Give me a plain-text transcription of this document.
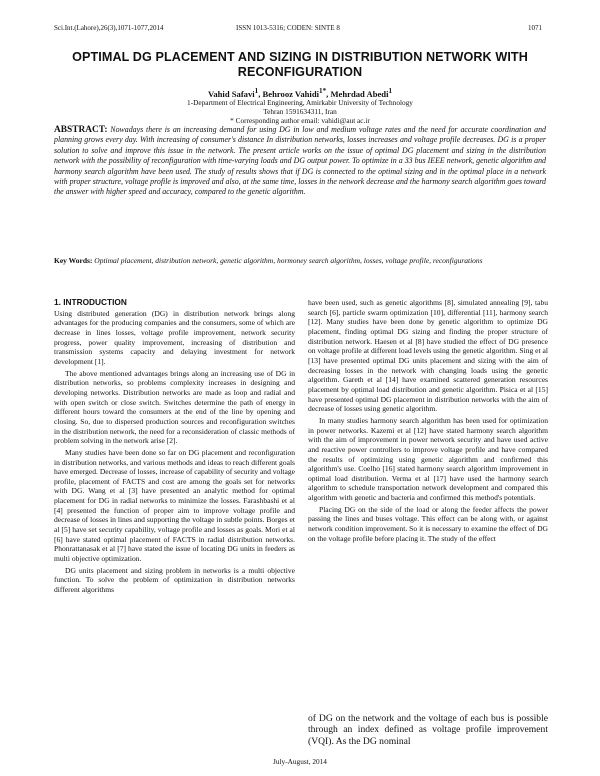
Sci.Int.(Lahore),26(3),1071-1077,2014	ISSN 1013-5316; CODEN: SINTE 8	1071
OPTIMAL DG PLACEMENT AND SIZING IN DISTRIBUTION NETWORK WITH
RECONFIGURATION
Vahid Safavi$^1$, Behrooz Vahidi$^{1*}$, Mehrdad Abedi$^1$
1-Department of Electrical Engineering, Amirkabir University of Technology
Tehran 1591634311, Iran
* Corresponding author email: vahidi@aut ac.ir
ABSTRACT: Nowadays there is an increasing demand for using DG in low and medium voltage rates and the need for accurate coordination and planning grows every day. With increasing of consumer's distance In distribution networks, losses increases and voltage profile decreases. DG is a proper solution to solve and improve this issue in the network. The present article works on the issue of optimal DG placement and sizing in the distribution network with the possibility of reconfiguration with time-varying loads and DG output power. To optimize in a 33 bus IEEE network, genetic algorithm and harmony search algorithm have been used. The study of results shows that if DG is connected to the optimal sizing and in the optimal place in a network with proper structure, voltage profile is improved and also, at the same time, losses in the network decrease and the harmony search algorithm goes toward the answer with higher speed and accuracy, compared to the genetic algorithm.
Key Words: Optimal placement, distribution network, genetic algorithm, hormoney search algorithm, losses, voltage profile, reconfigurations
1. INTRODUCTION

Using distributed generation (DG) in distribution network brings along advantages for the producing companies and the consumers, some of which are decrease in lines losses, voltage profile improvement, network security progress, power quality improvement, increasing of distribution and transmission systems capacity and delaying investment for network development [1].

The above mentioned advantages brings along an increasing use of DG in distribution networks, so problems complexity increases in designing and developing networks. Distribution networks are made as loop and radial and with open switch or close switch. Switches determine the path of energy in different hours toward the consumers at the end of the line by opening and closing. So, due to dispersed production sources and reconfiguration switches in the distribution network, the need for a reconsideration of classic methods of problem solving in the network arise [2].

Many studies have been done so far on DG placement and reconfiguration in distribution networks, and various methods and ideas to reach different goals have emerged. Decrease of losses, increase of capability of security and voltage profile, placement of FACTS and cost are among the goals set for networks with DG. Wang et al [3] have presented an analytic method for optimal placement for DG in radial networks to minimize the losses. Farashbashi et al [4] presented the function of proper aim to improve voltage profile and decrease of losses in lines and supporting the voltage in subtle points. Borges et al [5] have set security capability, voltage profile and losses as goals. Mori et al [6] have stated optimal placement of FACTS in radial distribution networks. Phonrattanasak et al [7] have stated the issue of locating DG units in feeders as multi objective optimization.

DG units placement and sizing problem in networks is a multi objective function. To solve the problem of optimization in distribution networks different algorithms

have been used, such as genetic algorithms [8], simulated annealing [9], tabu search [6], particle swarm optimization [10], differential [11], harmony search [12]. Many studies have been done by genetic algorithm to optimize DG placement, finding optimal DG sizing and finding the proper structure of distribution network. Haesen et al [8] have studied the effect of DG presence on voltage profile at different load levels using the genetic algorithm. Sing et al [13] have presented optimal DG units placement and sizing with the aim of decreasing losses in the network with changing loads using the genetic algorithm. Gareth et al [14] have examined scattered generation resources placement by optimal load distribution and genetic algorithm. Pisica et al [15] have presented optimal DG placement in distribution networks with the aim of decrease of losses using genetic algorithm.

In many studies harmony search algorithm has been used for optimization in power networks. Kazemi et al [12] have stated harmony search algorithm with the aim of improvement in power network security and have used active and reactive power controllers to improve voltage profile and have compared the results of optimizing using genetic algorithm and confirmed this algorithm's use. Coelho [16] stated harmony search algorithm improvement in optimal load distribution. Verma et al [17] have used the harmony search algorithm to schedule transportation network development and compared this algorithm with genetic and bacteria and confirmed this method's potentials.

Placing DG on the side of the load or along the feeder affects the power passing the lines and buses voltage. This effect can be along with, or against network condition improvement. So it is necessary to examine the effect of DG on the voltage profile before placing it. The study of the effect

of DG on the network and the voltage of each bus is possible through an index defined as voltage profile improvement (VQI). As the DG nominal
July-August, 2014
